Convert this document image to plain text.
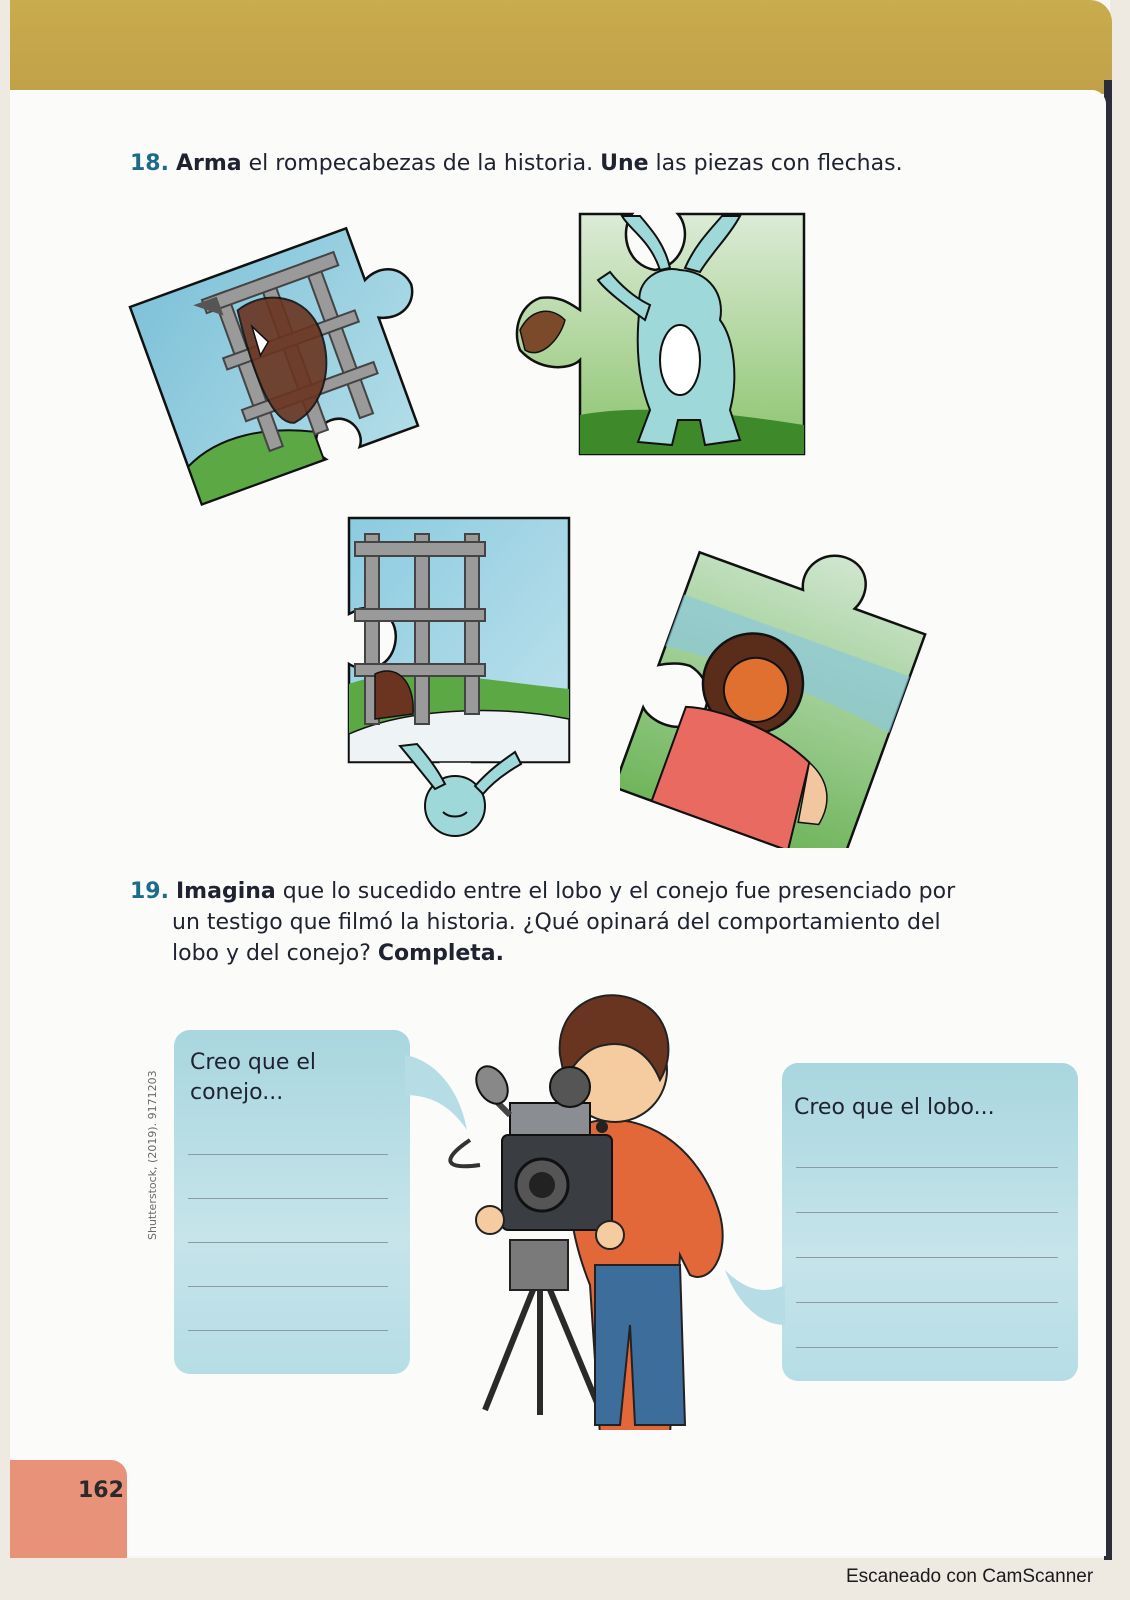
18. Arma el rompecabezas de la historia. Une las piezas con flechas.
19. Imagina que lo sucedido entre el lobo y el conejo fue presenciado por
un testigo que filmó la historia. ¿Qué opinará del comportamiento del
lobo y del conejo? Completa.
Creo que el conejo...
Creo que el lobo...
Shutterstock, (2019). 9171203
162
Escaneado con CamScanner
